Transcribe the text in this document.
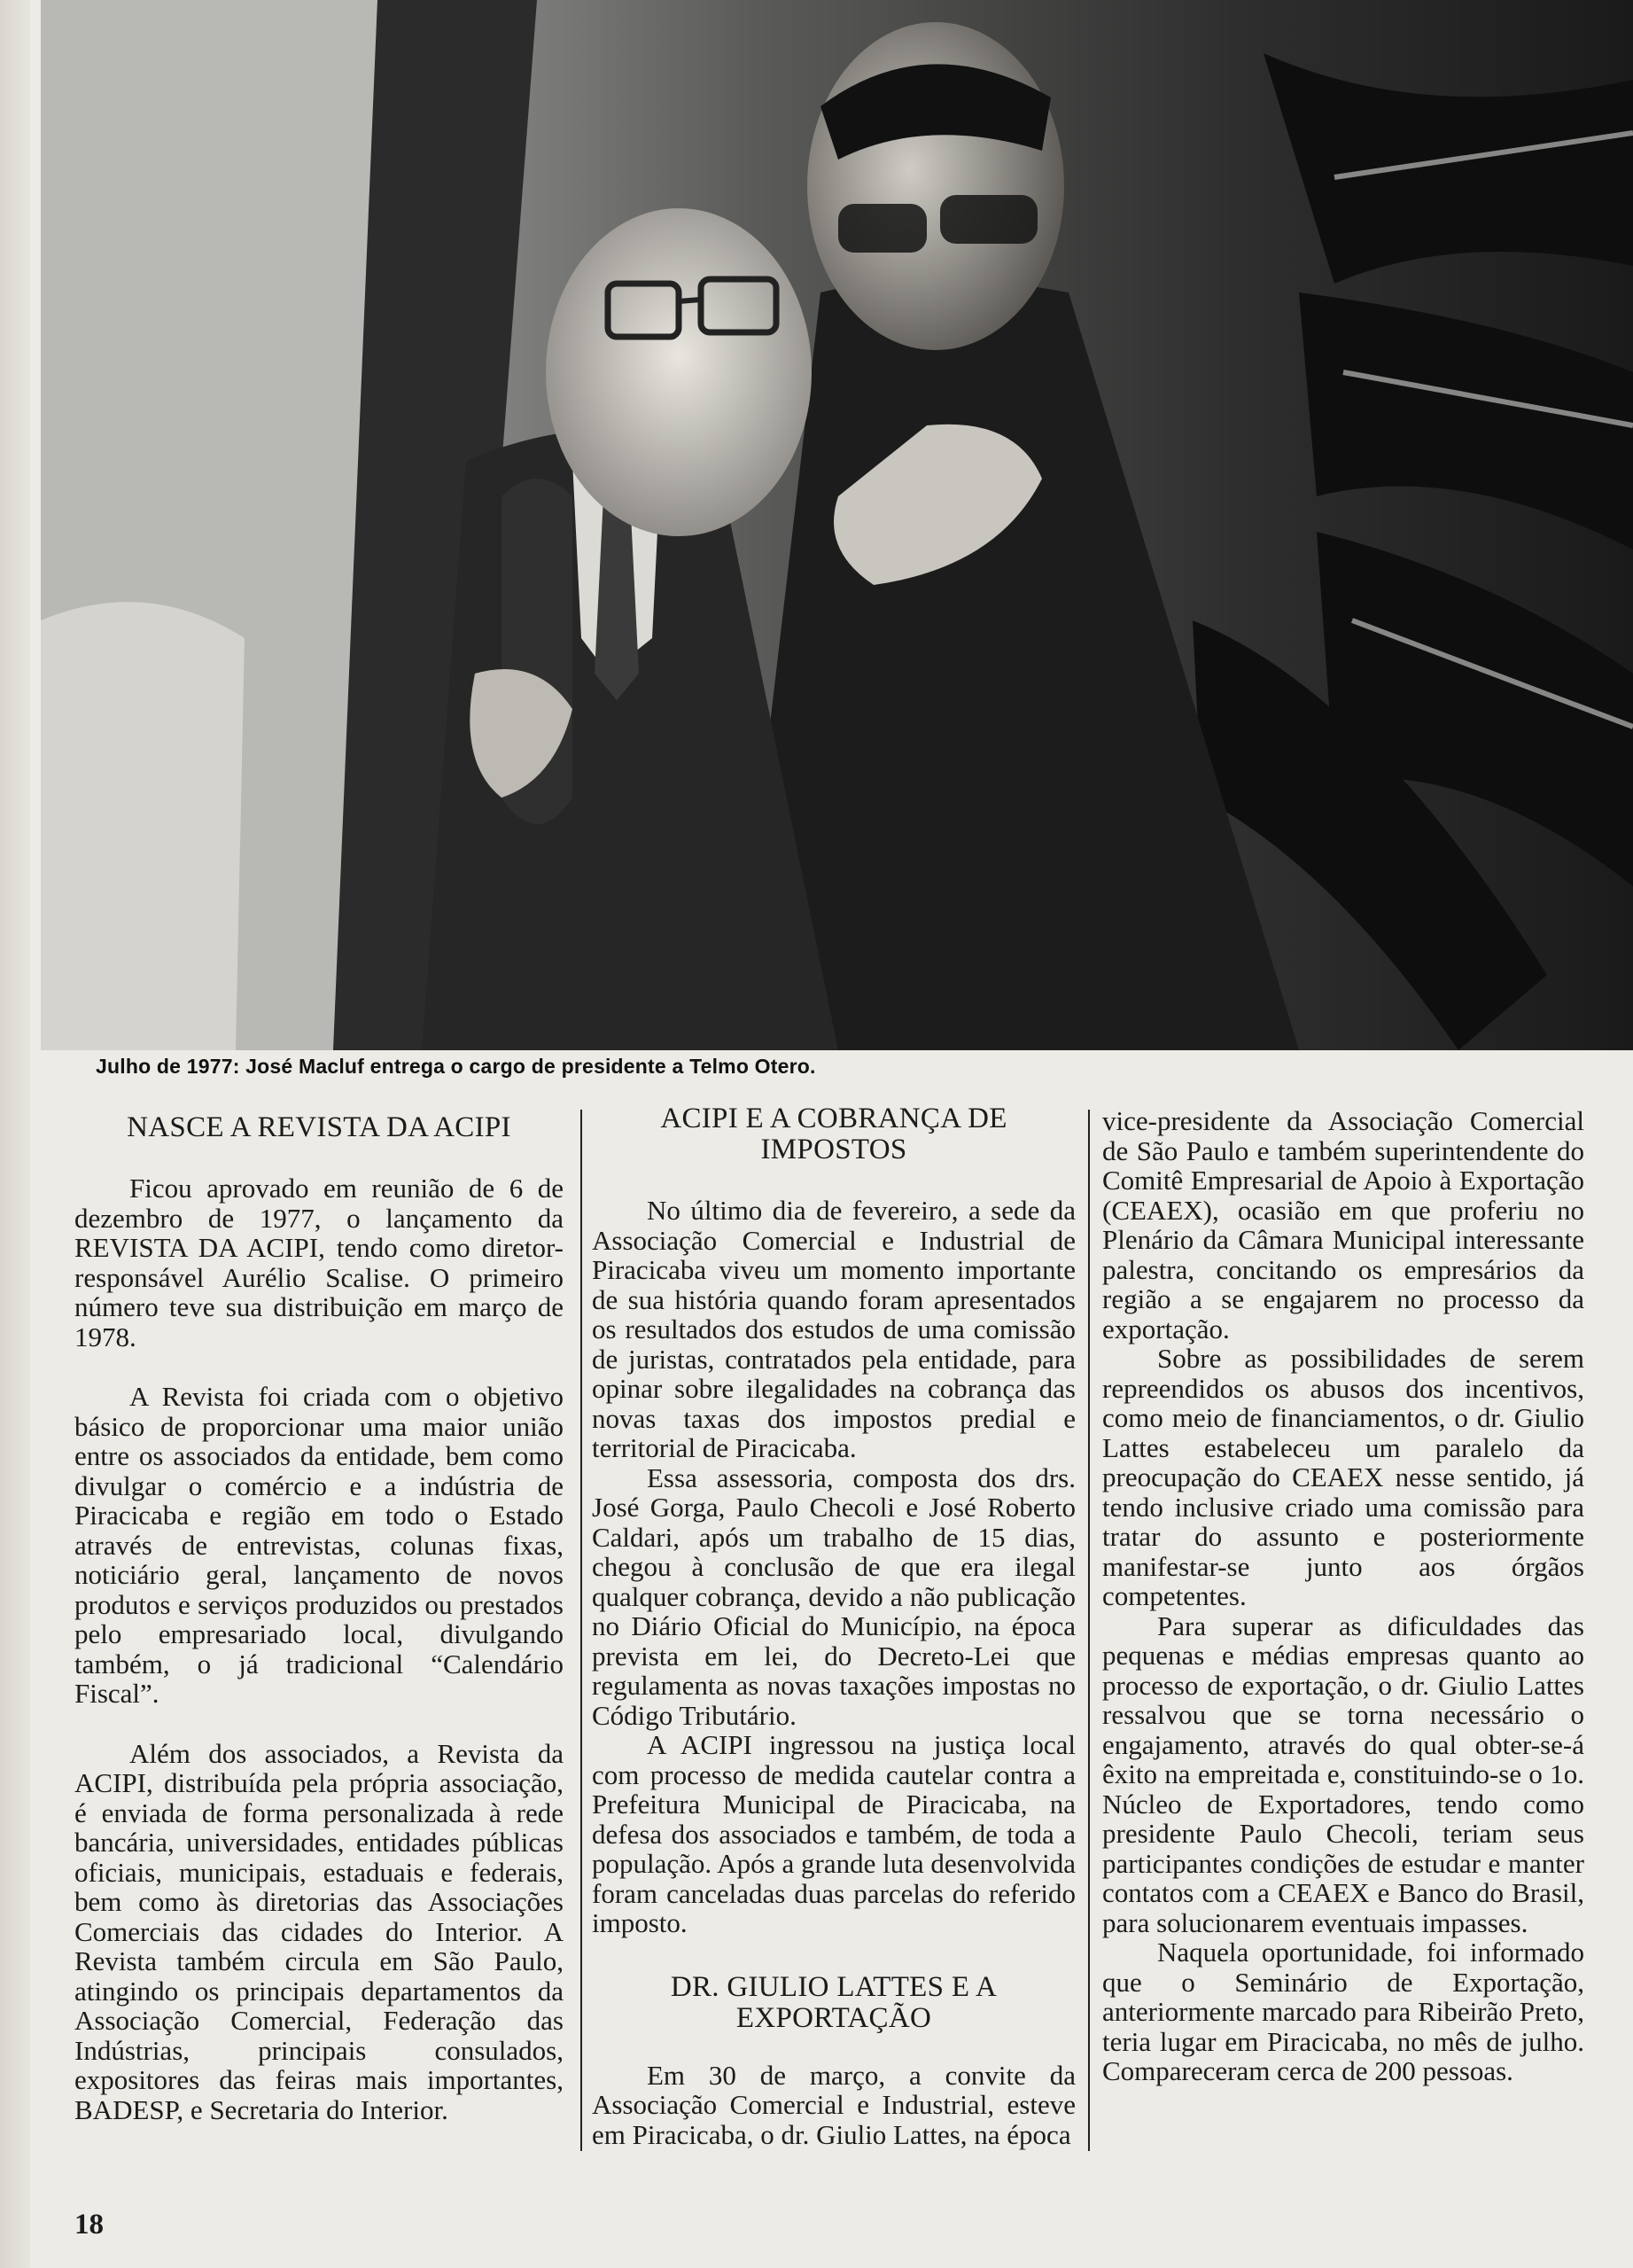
Julho de 1977: José Macluf entrega o cargo de presidente a Telmo Otero.
NASCE A REVISTA DA ACIPI

Ficou aprovado em reunião de 6 de dezembro de 1977, o lançamento da REVISTA DA ACIPI, tendo como diretor-responsável Aurélio Scalise. O primeiro número teve sua distribuição em março de 1978.

A Revista foi criada com o objetivo básico de proporcionar uma maior união entre os associados da entidade, bem como divulgar o comércio e a indústria de Piracicaba e região em todo o Estado através de entrevistas, colunas fixas, noticiário geral, lançamento de novos produtos e serviços produzidos ou prestados pelo empresariado local, divulgando também, o já tradicional “Calendário Fiscal”.

Além dos associados, a Revista da ACIPI, distribuída pela própria associação, é enviada de forma personalizada à rede bancária, universidades, entidades públicas oficiais, municipais, estaduais e federais, bem como às diretorias das Associações Comerciais das cidades do Interior. A Revista também circula em São Paulo, atingindo os principais departamentos da Associação Comercial, Federação das Indústrias, principais consulados, expositores das feiras mais importantes, BADESP, e Secretaria do Interior.

ACIPI E A COBRANÇA DE IMPOSTOS

No último dia de fevereiro, a sede da Associação Comercial e Industrial de Piracicaba viveu um momento importante de sua história quando foram apresentados os resultados dos estudos de uma comissão de juristas, contratados pela entidade, para opinar sobre ilegalidades na cobrança das novas taxas dos impostos predial e territorial de Piracicaba.

Essa assessoria, composta dos drs. José Gorga, Paulo Checoli e José Roberto Caldari, após um trabalho de 15 dias, chegou à conclusão de que era ilegal qualquer cobrança, devido a não publicação no Diário Oficial do Município, na época prevista em lei, do Decreto-Lei que regulamenta as novas taxações impostas no Código Tributário.

A ACIPI ingressou na justiça local com processo de medida cautelar contra a Prefeitura Municipal de Piracicaba, na defesa dos associados e também, de toda a população. Após a grande luta desenvolvida foram canceladas duas parcelas do referido imposto.

DR. GIULIO LATTES E A EXPORTAÇÃO

Em 30 de março, a convite da Associação Comercial e Industrial, esteve em Piracicaba, o dr. Giulio Lattes, na época

vice-presidente da Associação Comercial de São Paulo e também superintendente do Comitê Empresarial de Apoio à Exportação (CEAEX), ocasião em que proferiu no Plenário da Câmara Municipal interessante palestra, concitando os empresários da região a se engajarem no processo da exportação.

Sobre as possibilidades de serem repreendidos os abusos dos incentivos, como meio de financiamentos, o dr. Giulio Lattes estabeleceu um paralelo da preocupação do CEAEX nesse sentido, já tendo inclusive criado uma comissão para tratar do assunto e posteriormente manifestar-se junto aos órgãos competentes.

Para superar as dificuldades das pequenas e médias empresas quanto ao processo de exportação, o dr. Giulio Lattes ressalvou que se torna necessário o engajamento, através do qual obter-se-á êxito na empreitada e, constituindo-se o 1o. Núcleo de Exportadores, tendo como presidente Paulo Checoli, teriam seus participantes condições de estudar e manter contatos com a CEAEX e Banco do Brasil, para solucionarem eventuais impasses.

Naquela oportunidade, foi informado que o Seminário de Exportação, anteriormente marcado para Ribeirão Preto, teria lugar em Piracicaba, no mês de julho. Compareceram cerca de 200 pessoas.

18
